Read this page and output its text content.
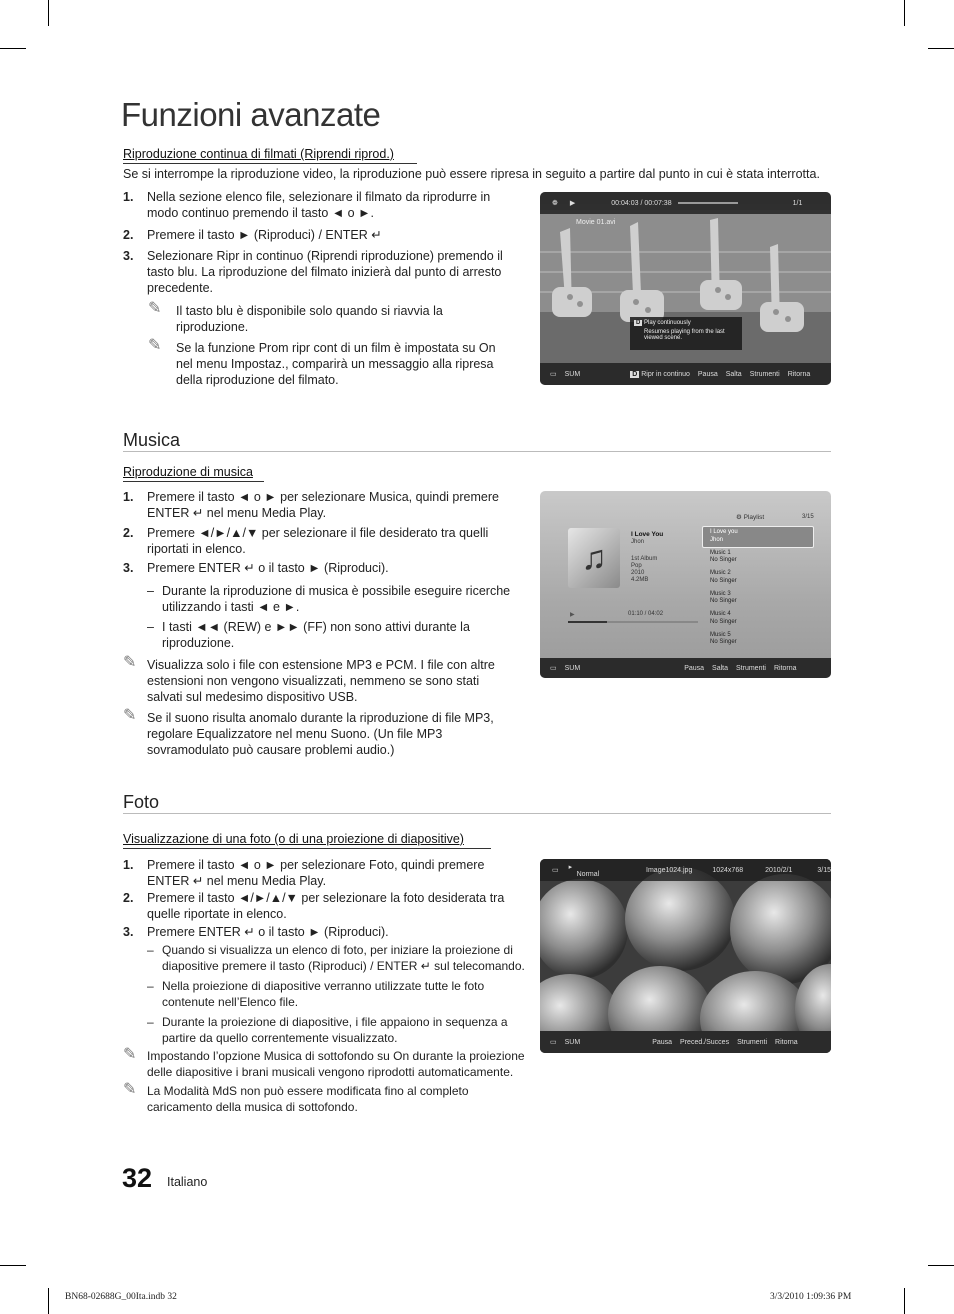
Funzioni avanzate
Riproduzione continua di filmati (Riprendi riprod.)
Se si interrompe la riproduzione video, la riproduzione può essere ripresa in seguito a partire dal punto in cui è stata interrotta.
1. Nella sezione elenco file, selezionare il filmato da riprodurre in modo continuo premendo il tasto ◄ o ►.
2. Premere il tasto ► (Riproduci) / ENTER ↵
3. Selezionare Ripr in continuo (Riprendi riproduzione) premendo il tasto blu. La riproduzione del filmato inizierà dal punto di arresto precedente.
✎ Il tasto blu è disponibile solo quando si riavvia la riproduzione.
✎ Se la funzione Prom ripr cont di un film è impostata su On nel menu Impostaz., comparirà un messaggio alla ripresa della riproduzione del filmato.
❁ ▶	00:04:03 / 00:07:38	1/1
Movie 01.avi
D Play continuously
Resumes playing from the last viewed scene.
▭ SUM	D Ripr in continuo Pausa Salta Strumenti Ritorna
Musica
Riproduzione di musica
1. Premere il tasto ◄ o ► per selezionare Musica, quindi premere ENTER ↵ nel menu Media Play.
2. Premere ◄/►/▲/▼ per selezionare il file desiderato tra quelli riportati in elenco.
3. Premere ENTER ↵ o il tasto ► (Riproduci).
– Durante la riproduzione di musica è possibile eseguire ricerche utilizzando i tasti ◄ e ►.
– I tasti ◄◄ (REW) e ►► (FF) non sono attivi durante la riproduzione.
✎ Visualizza solo i file con estensione MP3 e PCM. I file con altre estensioni non vengono visualizzati, nemmeno se sono stati salvati sul medesimo dispositivo USB.
✎ Se il suono risulta anomalo durante la riproduzione di file MP3, regolare Equalizzatore nel menu Suono. (Un file MP3 sovramodulato può causare problemi audio.)
♫
I Love You
Jhon
1st Album
Pop
2010
4.2MB
▶	01:10 / 04:02
⚙ Playlist	3/15
I Love you
Jhon
Music 1
No Singer
Music 2
No Singer
Music 3
No Singer
Music 4
No Singer
Music 5
No Singer
▭ SUM	Pausa Salta Strumenti Ritorna
Foto
Visualizzazione di una foto (o di una proiezione di diapositive)
1. Premere il tasto ◄ o ► per selezionare Foto, quindi premere ENTER ↵ nel menu Media Play.
2. Premere il tasto ◄/►/▲/▼ per selezionare la foto desiderata tra quelle riportate in elenco.
3. Premere ENTER ↵ o il tasto ► (Riproduci).
– Quando si visualizza un elenco di foto, per iniziare la proiezione di diapositive premere il tasto (Riproduci) / ENTER ↵ sul telecomando.
– Nella proiezione di diapositive verranno utilizzate tutte le foto contenute nell’Elenco file.
– Durante la proiezione di diapositive, i file appaiono in sequenza a partire da quello correntemente visualizzato.
✎ Impostando l’opzione Musica di sottofondo su On durante la proiezione delle diapositive i brani musicali vengono riprodotti automaticamente.
✎ La Modalità MdS non può essere modificata fino al completo caricamento della musica di sottofondo.
▭ ▸ Normal
Image1024.jpg	1024x768	2010/2/1	3/15
▭ SUM	Pausa Preced./Succes Strumenti Ritorna
32 Italiano
BN68-02688G_00Ita.indb 32	3/3/2010 1:09:36 PM
